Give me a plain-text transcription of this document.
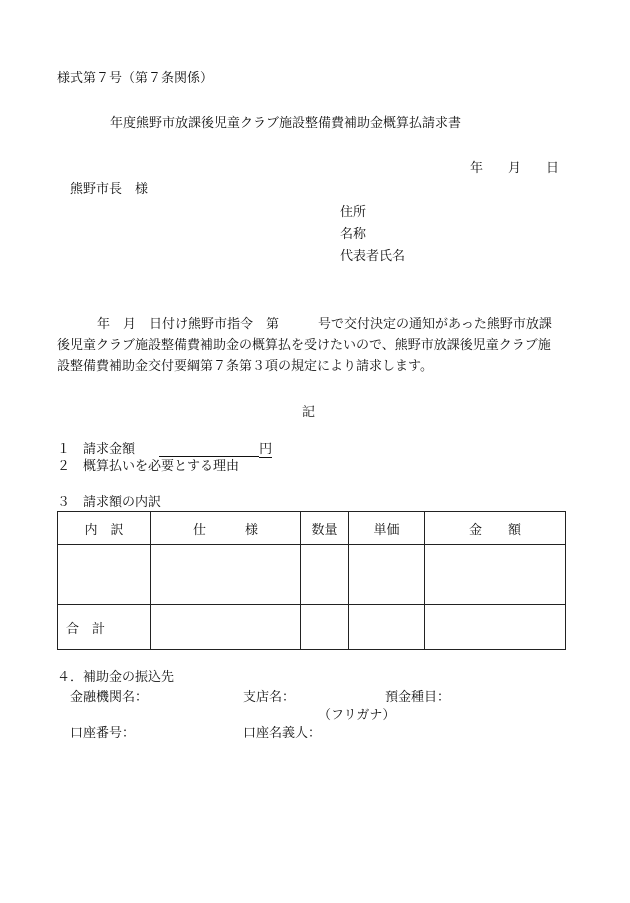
様式第７号（第７条関係）
年度熊野市放課後児童クラブ施設整備費補助金概算払請求書
年 月 日
熊野市長　様
住所
名称
代表者氏名
年　月　日付け熊野市指令　第　　　号で交付決定の通知があった熊野市放課
後児童クラブ施設整備費補助金の概算払を受けたいので、熊野市放課後児童クラブ施
設整備費補助金交付要綱第７条第３項の規定により請求します。
記
１　請求金額	円
２　概算払いを必要とする理由
３　請求額の内訳
内　訳	仕　　　様	数量	単価	金　　額

合　計				
４．補助金の振込先
金融機関名：	支店名：	預金種目：
（フリガナ）
口座番号：	口座名義人：
